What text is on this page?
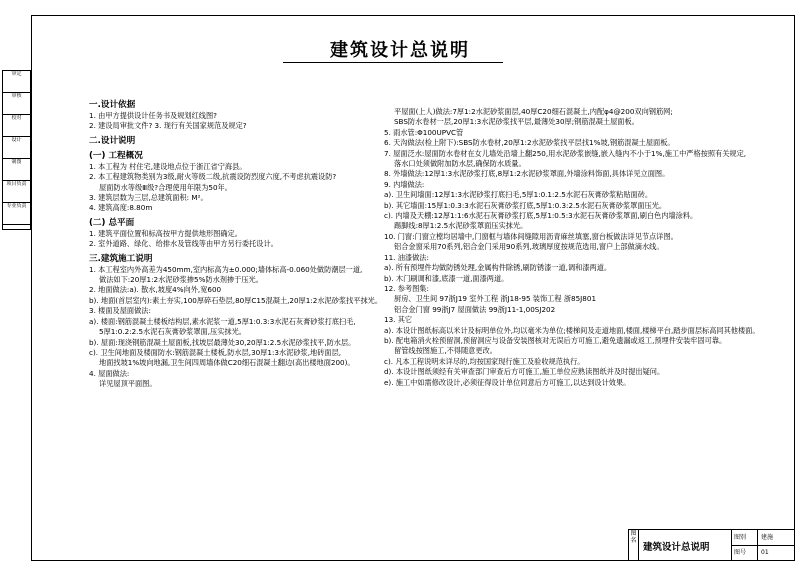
审定
审核
校对
设计
制图
项目负责
专业负责
建筑设计总说明
一.设计依据
1. 由甲方提供设计任务书及规划红线图?
2. 建设局审批文件? 3. 现行有关国家规范及规定?
二.设计说明
(一) 工程概况
1. 本工程为 村住宅,建设地点位于浙江省宁海县。
2. 本工程建筑物类别为3级,耐火等级二级,抗震设防烈度六度,不考虑抗震设防?
屋面防水等级Ⅲ级?合理使用年限为50年。
3. 建筑层数为三层,总建筑面积: M²。
4. 建筑高度:8.80m
(二) 总平面
1. 建筑平面位置和标高按甲方提供地形图确定。
2. 室外道路、绿化、给排水及管线等由甲方另行委托设计。
三.建筑施工说明
1. 本工程室内外高差为450mm,室内标高为±0.000;墙体标高-0.060处做防潮层一道,
做法如下:20厚1:2水泥砂浆掺5%防水剂掺于压光。
2. 地面做法:a). 散水,坡度4%向外,宽600
b). 地面(首层室内):素土夯实,100厚碎石垫层,80厚C15混凝土,20厚1:2水泥砂浆找平抹光。
3. 楼面及屋面做法:
a). 楼面:钢筋混凝土楼板结构层,素水泥浆一道,5厚1:0.3:3水泥石灰膏砂浆打底扫毛,
5厚1:0.2:2.5水泥石灰膏砂浆罩面,压实抹光。
b). 屋面:现浇钢筋混凝土屋面板,找坡层最薄处30,20厚1:2.5水泥砂浆找平,防水层。
c). 卫生间地面及楼面防水:钢筋混凝土楼板,防水层,30厚1:3水泥砂浆,地砖面层,
地面找坡1%坡向地漏,卫生间四周墙体做C20细石混凝土翻边(高出楼地面200)。
4. 屋面做法:
详见屋顶平面图。
平屋面(上人)做法:7厚1:2水泥砂浆面层,40厚C20细石混凝土,内配φ4@200双向钢筋网;
SBS防水卷材一层,20厚1:3水泥砂浆找平层,最薄处30厚;钢筋混凝土屋面板。
5. 雨水管:Φ100UPVC管
6. 天沟做法(检上附下):SBS防水卷材,20厚1:2水泥砂浆找平层找1%坡,钢筋混凝土屋面板。
7. 屋面泛水:屋面防水卷材在女儿墙处沿墙上翻250,用水泥砂浆嵌缝,嵌入缝内不小于1%,施工中严格按照有关规定,
落水口处须做附加防水层,确保防水质量。
8. 外墙做法:12厚1:3水泥砂浆打底,8厚1:2水泥砂浆罩面,外墙涂料饰面,具体详见立面图。
9. 内墙做法:
a). 卫生间墙面:12厚1:3水泥砂浆打底扫毛,5厚1:0.1:2.5水泥石灰膏砂浆粘贴面砖。
b). 其它墙面:15厚1:0.3:3水泥石灰膏砂浆打底,5厚1:0.3:2.5水泥石灰膏砂浆罩面压光。
c). 内墙及天棚:12厚1:1:6水泥石灰膏砂浆打底,5厚1:0.5:3水泥石灰膏砂浆罩面,刷白色内墙涂料。
踢脚线:8厚1:2.5水泥砂浆罩面压实抹光。
10. 门窗:门窗立樘均居墙中,门窗框与墙体间缝隙用沥青麻丝填塞,窗台板做法详见节点详图。
铝合金窗采用70系列,铝合金门采用90系列,玻璃厚度按规范选用,窗户上部做滴水线。
11. 油漆做法:
a). 所有预埋件均做防锈处理,金属构件除锈,刷防锈漆一道,调和漆两道。
b). 木门刷调和漆,底漆一道,面漆两道。
12. 参考图集:
厨房、卫生间 97浙J19 室外工程 浙J18-95 装饰工程 浙85J801
铝合金门窗 99浙J7 屋面做法 99浙J11-1,00SJ202
13. 其它
a). 本设计图纸标高以米计及标明单位外,均以毫米为单位;楼梯间及走道地面,楼面,楼梯平台,踏步面层标高同其他楼面。
b). 配电箱消火栓预留洞,预留洞应与设备安装图核对无误后方可施工,避免遗漏或返工,预埋件安装牢固可靠。
留管线按图施工,不得随意更改。
c). 凡本工程说明未详尽的,均按国家现行施工及验收规范执行。
d). 本设计图纸须经有关审查部门审查后方可施工,施工单位应熟读图纸并及时提出疑问。
e). 施工中如需修改设计,必须征得设计单位同意后方可施工,以达到设计效果。
图名
建筑设计总说明
图别 建施
图号 01
